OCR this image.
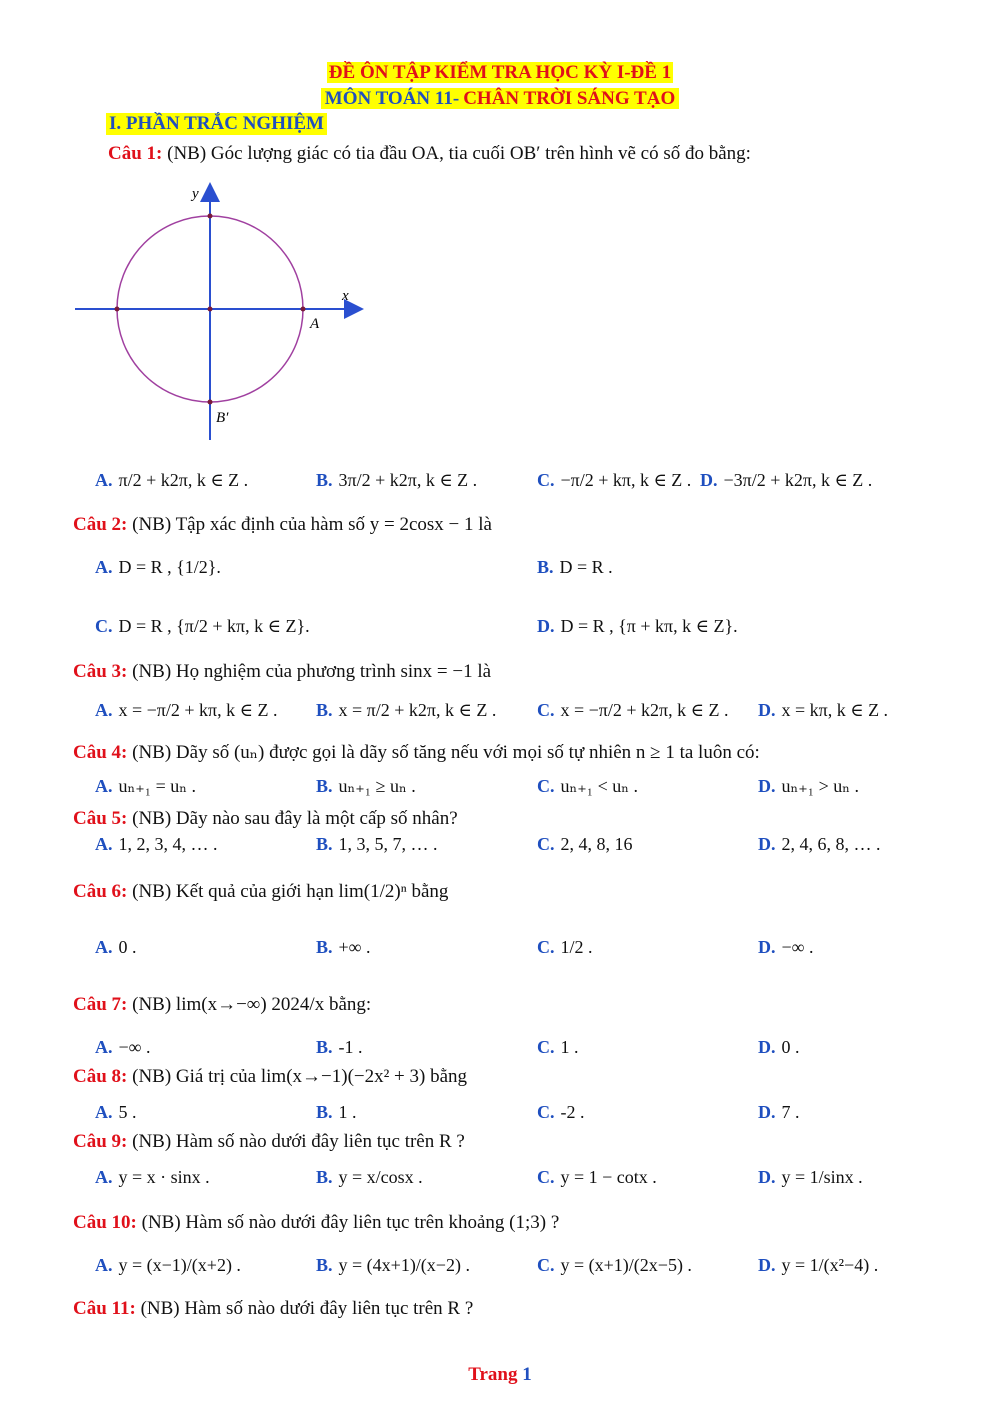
ĐỀ ÔN TẬP KIỂM TRA HỌC KỲ I-ĐỀ 1
MÔN TOÁN 11- CHÂN TRỜI SÁNG TẠO
I. PHẦN TRẮC NGHIỆM
Câu 1: (NB) Góc lượng giác có tia đầu OA, tia cuối OB′ trên hình vẽ có số đo bằng:
y
x
A
B′
A. π/2 + k2π, k ∈ Z .	B. 3π/2 + k2π, k ∈ Z .	C. −π/2 + kπ, k ∈ Z . D. −3π/2 + k2π, k ∈ Z .
Câu 2: (NB) Tập xác định của hàm số y = 2cosx − 1 là
A. D = R , {1/2}.	B. D = R .
C. D = R , {π/2 + kπ, k ∈ Z}.	D. D = R , {π + kπ, k ∈ Z}.
Câu 3: (NB) Họ nghiệm của phương trình sinx = −1 là
A. x = −π/2 + kπ, k ∈ Z . B. x = π/2 + k2π, k ∈ Z . C. x = −π/2 + k2π, k ∈ Z . D. x = kπ, k ∈ Z .
Câu 4: (NB) Dãy số (uₙ) được gọi là dãy số tăng nếu với mọi số tự nhiên n ≥ 1 ta luôn có:
A. uₙ₊₁ = uₙ .	B. uₙ₊₁ ≥ uₙ .	C. uₙ₊₁ < uₙ .	D. uₙ₊₁ > uₙ .
Câu 5: (NB) Dãy nào sau đây là một cấp số nhân?
A. 1, 2, 3, 4, … .	B. 1, 3, 5, 7, … .	C. 2, 4, 8, 16	D. 2, 4, 6, 8, … .
Câu 6: (NB) Kết quả của giới hạn lim(1/2)ⁿ bằng
A. 0 .	B. +∞ .	C. 1/2 .	D. −∞ .
Câu 7: (NB) lim(x→−∞) 2024/x bằng:
A. −∞ .	B. -1 .	C. 1 .	D. 0 .
Câu 8: (NB) Giá trị của lim(x→−1)(−2x² + 3) bằng
A. 5 .	B. 1 .	C. -2 .	D. 7 .
Câu 9: (NB) Hàm số nào dưới đây liên tục trên R ?
A. y = x · sinx .	B. y = x/cosx .	C. y = 1 − cotx .	D. y = 1/sinx .
Câu 10: (NB) Hàm số nào dưới đây liên tục trên khoảng (1;3) ?
A. y = (x−1)/(x+2) .	B. y = (4x+1)/(x−2) .	C. y = (x+1)/(2x−5) .	D. y = 1/(x²−4) .
Câu 11: (NB) Hàm số nào dưới đây liên tục trên R ?
Trang 1
